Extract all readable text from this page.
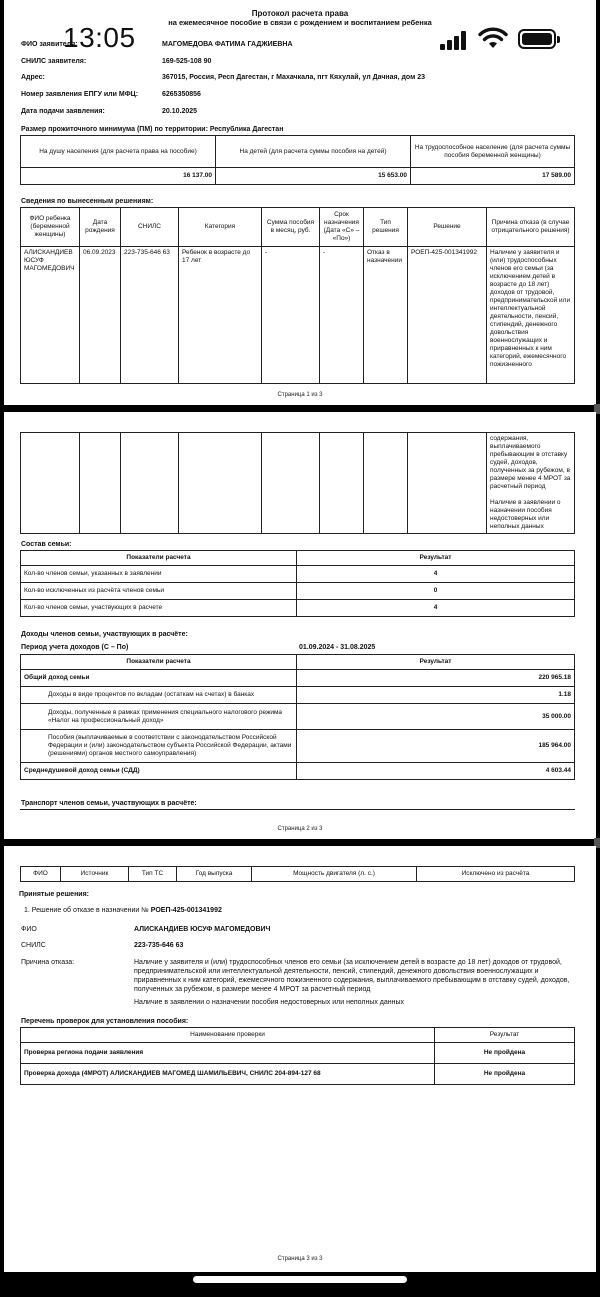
13:05
Протокол расчета права
на ежемесячное пособие в связи с рождением и воспитанием ребенка
ФИО заявителя:	МАГОМЕДОВА ФАТИМА ГАДЖИЕВНА
СНИЛС заявителя:	169-525-108 90
Адрес:	367015, Россия, Респ Дагестан, г Махачкала, пгт Кяхулай, ул Дачная, дом 23
Номер заявления ЕПГУ или МФЦ:	6265350856
Дата подачи заявления:	20.10.2025
Размер прожиточного минимума (ПМ) по территории: Республика Дагестан
На душу населения (для расчета права на пособие)	На детей (для расчета суммы пособия на детей)	На трудоспособное население (для расчета суммы пособия беременной женщины)
16 137.00	15 653.00	17 589.00
Сведения по вынесенным решениям:
ФИО ребенка (беременной женщины)	Дата рождения	СНИЛС	Категория	Сумма пособия в месяц, руб.	Срок назначения (Дата «С» – «По»)	Тип решения	Решение	Причина отказа (в случае отрицательного решения)
АЛИСКАНДИЕВ ЮСУФ МАГОМЕДОВИЧ	06.09.2023	223-735-646 63	Ребенок в возрасте до 17 лет	-	-	Отказ в назначении	РОЕП-425-001341992	Наличие у заявителя и (или) трудоспособных членов его семьи (за исключением детей в возрасте до 18 лет) доходов от трудовой, предпринимательской или интеллектуальной деятельности, пенсий, стипендий, денежного довольствия военнослужащих и приравненных к ним категорий, ежемесячного пожизненного
Страница 1 из 3

содержания, выплачиваемого пребывающим в отставку судей, доходов, полученных за рубежом, в размере менее 4 МРОТ за расчетный период
Наличие в заявлении о назначении пособия недостоверных или неполных данных
Состав семьи:
Показатели расчета	Результат
Кол-во членов семьи, указанных в заявлении	4
Кол-во исключенных из расчёта членов семьи	0
Кол-во членов семьи, участвующих в расчете	4
Доходы членов семьи, участвующих в расчёте:
Период учета доходов (С – По)	01.09.2024 - 31.08.2025
Показатели расчета	Результат
Общий доход семьи	220 965.18
Доходы в виде процентов по вкладам (остаткам на счетах) в банках	1.18
Доходы, полученные в рамках применения специального налогового режима «Налог на профессиональный доход»	35 000.00
Пособия (выплачиваемые в соответствии с законодательством Российской Федерации и (или) законодательством субъекта Российской Федерации, актами (решениями) органов местного самоуправления)	185 964.00
Среднедушевой доход семьи (СДД)	4 603.44
Транспорт членов семьи, участвующих в расчёте:
Страница 2 из 3
ФИО	Источник	Тип ТС	Год выпуска	Мощность двигателя (л. с.)	Исключено из расчёта
Принятые решения:
1. Решение об отказе в назначении № РОЕП-425-001341992
ФИО	АЛИСКАНДИЕВ ЮСУФ МАГОМЕДОВИЧ
СНИЛС	223-735-646 63
Причина отказа:	Наличие у заявителя и (или) трудоспособных членов его семьи (за исключением детей в возрасте до 18 лет) доходов от трудовой, предпринимательской или интеллектуальной деятельности, пенсий, стипендий, денежного довольствия военнослужащих и приравненных к ним категорий, ежемесячного пожизненного содержания, выплачиваемого пребывающим в отставку судей, доходов, полученных за рубежом, в размере менее 4 МРОТ за расчетный период
Наличие в заявлении о назначении пособия недостоверных или неполных данных
Перечень проверок для установления пособия:
Наименование проверки	Результат
Проверка региона подачи заявления	Не пройдена
Проверка дохода (4МРОТ) АЛИСКАНДИЕВ МАГОМЕД ШАМИЛЬЕВИЧ, СНИЛС 204-894-127 68	Не пройдена
Страница 3 из 3
